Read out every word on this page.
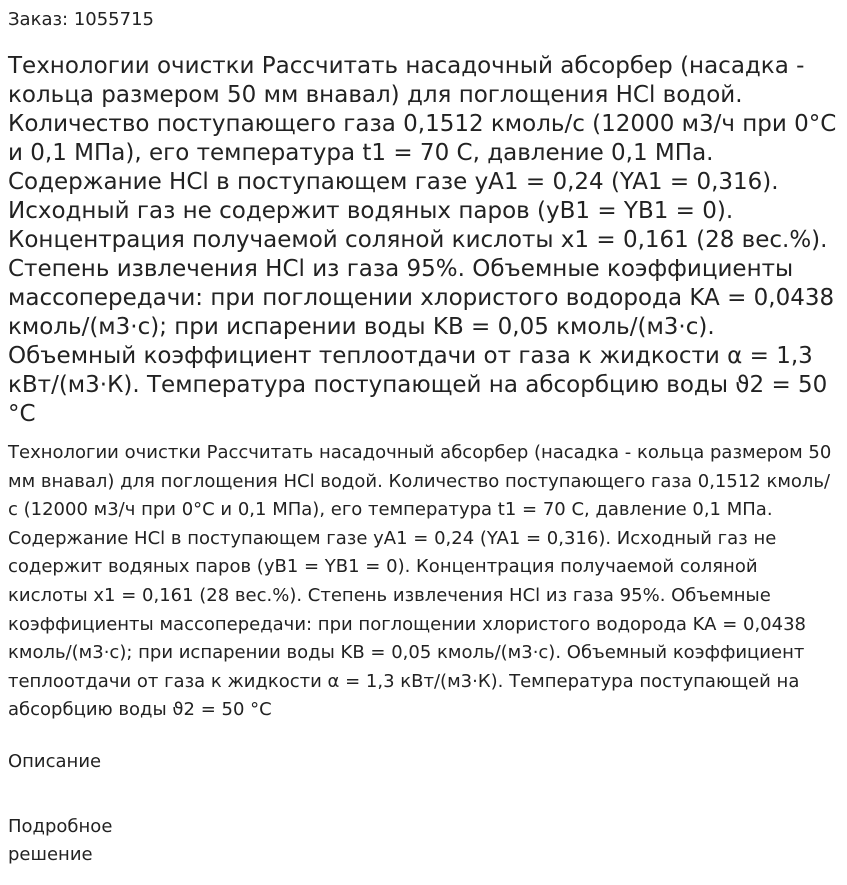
Заказ: 1055715
Технологии очистки Рассчитать насадочный абсорбер (насадка - кольца размером 50 мм внавал) для поглощения HCl водой. Количество поступающего газа 0,1512 кмоль/с (12000 м3/ч при 0°С и 0,1 МПа), его температура t1 = 70 С, давление 0,1 МПа. Содержание HCl в поступающем газе yA1 = 0,24 (YA1 = 0,316). Исходный газ не содержит водяных паров (yB1 = YB1 = 0). Концентрация получаемой соляной кислоты x1 = 0,161 (28 вес.%). Степень извлечения HCl из газа 95%. Объемные коэффициенты массопередачи: при поглощении хлористого водорода KA = 0,0438 кмоль/(м3·с); при испарении воды KB = 0,05 кмоль/(м3·с). Объемный коэффициент теплоотдачи от газа к жидкости α = 1,3 кВт/(м3·К). Температура поступающей на абсорбцию воды ϑ2 = 50 °С
Технологии очистки Рассчитать насадочный абсорбер (насадка - кольца размером 50 мм внавал) для поглощения HCl водой. Количество поступающего газа 0,1512 кмоль/с (12000 м3/ч при 0°С и 0,1 МПа), его температура t1 = 70 С, давление 0,1 МПа. Содержание HCl в поступающем газе yA1 = 0,24 (YA1 = 0,316). Исходный газ не содержит водяных паров (yB1 = YB1 = 0). Концентрация получаемой соляной кислоты x1 = 0,161 (28 вес.%). Степень извлечения HCl из газа 95%. Объемные коэффициенты массопередачи: при поглощении хлористого водорода KA = 0,0438 кмоль/(м3·с); при испарении воды KB = 0,05 кмоль/(м3·с). Объемный коэффициент теплоотдачи от газа к жидкости α = 1,3 кВт/(м3·К). Температура поступающей на абсорбцию воды ϑ2 = 50 °С
Описание
Подробное решение
